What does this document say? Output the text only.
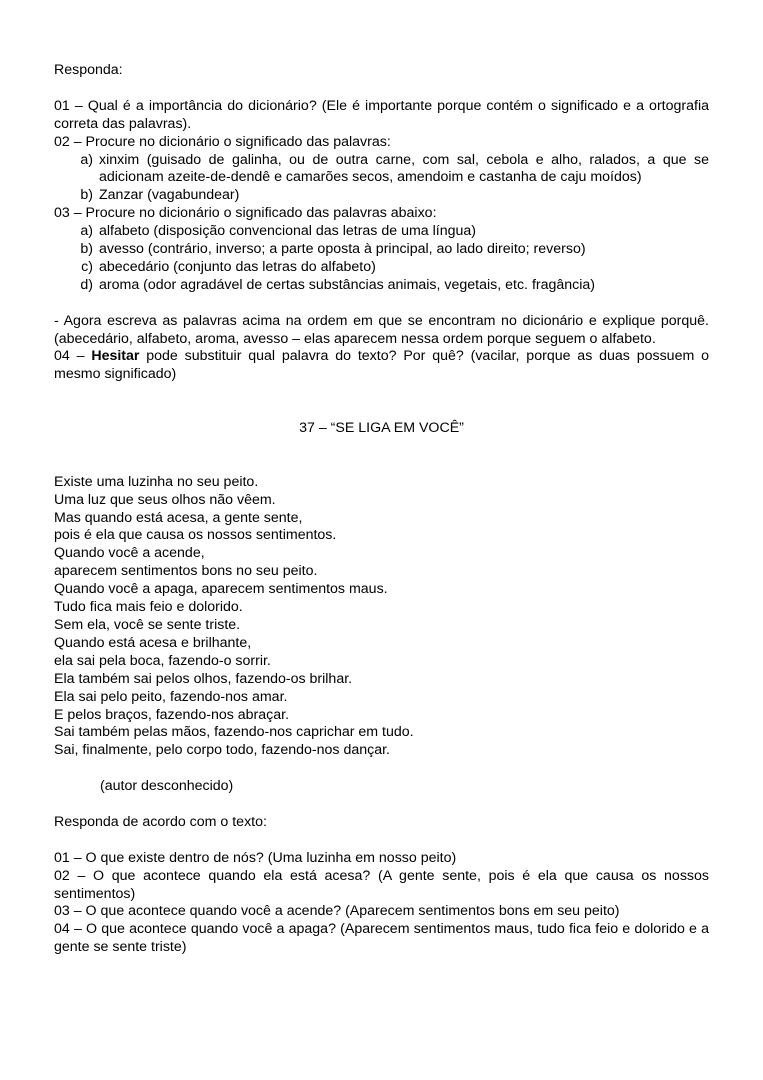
Responda:

01 – Qual é a importância do dicionário? (Ele é importante porque contém o significado e a ortografia correta das palavras).

02 – Procure no dicionário o significado das palavras:

a) xinxim (guisado de galinha, ou de outra carne, com sal, cebola e alho, ralados, a que se adicionam azeite-de-dendê e camarões secos, amendoim e castanha de caju moídos)
b) Zanzar (vagabundear)

03 – Procure no dicionário o significado das palavras abaixo:

a) alfabeto (disposição convencional das letras de uma língua)
b) avesso (contrário, inverso; a parte oposta à principal, ao lado direito; reverso)
c) abecedário (conjunto das letras do alfabeto)
d) aroma (odor agradável de certas substâncias animais, vegetais, etc. fragância)

- Agora escreva as palavras acima na ordem em que se encontram no dicionário e explique porquê. (abecedário, alfabeto, aroma, avesso – elas aparecem nessa ordem porque seguem o alfabeto.

04 – Hesitar pode substituir qual palavra do texto? Por quê? (vacilar, porque as duas possuem o mesmo significado)

37 – “SE LIGA EM VOCÊ”

Existe uma luzinha no seu peito.

Uma luz que seus olhos não vêem.

Mas quando está acesa, a gente sente,

pois é ela que causa os nossos sentimentos.

Quando você a acende,

aparecem sentimentos bons no seu peito.

Quando você a apaga, aparecem sentimentos maus.

Tudo fica mais feio e dolorido.

Sem ela, você se sente triste.

Quando está acesa e brilhante,

ela sai pela boca, fazendo-o sorrir.

Ela também sai pelos olhos, fazendo-os brilhar.

Ela sai pelo peito, fazendo-nos amar.

E pelos braços, fazendo-nos abraçar.

Sai também pelas mãos, fazendo-nos caprichar em tudo.

Sai, finalmente, pelo corpo todo, fazendo-nos dançar.

(autor desconhecido)

Responda de acordo com o texto:

01 – O que existe dentro de nós? (Uma luzinha em nosso peito)

02 – O que acontece quando ela está acesa? (A gente sente, pois é ela que causa os nossos sentimentos)

03 – O que acontece quando você a acende? (Aparecem sentimentos bons em seu peito)

04 – O que acontece quando você a apaga? (Aparecem sentimentos maus, tudo fica feio e dolorido e a gente se sente triste)
